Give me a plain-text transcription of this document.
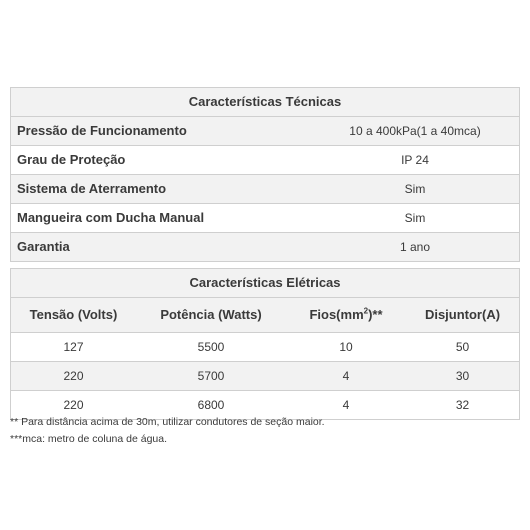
Características Técnicas
Pressão de Funcionamento	10 a 400kPa(1 a 40mca)
Grau de Proteção	IP 24
Sistema de Aterramento	Sim
Mangueira com Ducha Manual	Sim
Garantia	1 ano
Características Elétricas
Tensão (Volts)	Potência (Watts)	$Fios(mm^2)**$	Disjuntor(A)
127	5500	10	50
220	5700	4	30
220	6800	4	32
** Para distância acima de 30m, utilizar condutores de seção maior.
***mca: metro de coluna de água.
